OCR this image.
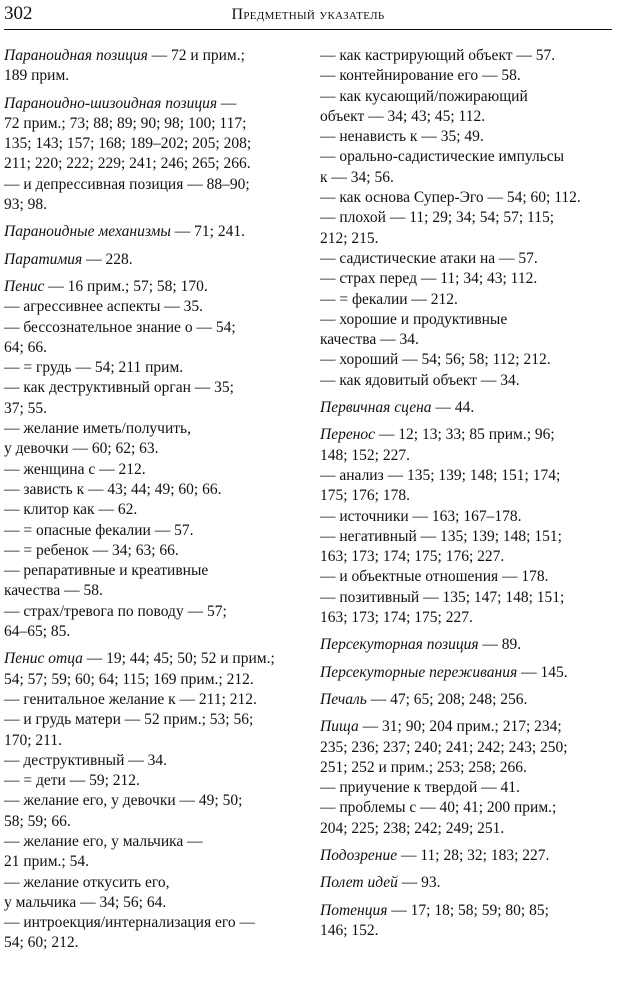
302	Предметный указатель
Параноидная позиция — 72 и прим.;
189 прим.
Параноидно-шизоидная позиция —
72 прим.; 73; 88; 89; 90; 98; 100; 117;
135; 143; 157; 168; 189–202; 205; 208;
211; 220; 222; 229; 241; 246; 265; 266.
— и депрессивная позиция — 88–90;
93; 98.
Параноидные механизмы — 71; 241.
Паратимия — 228.
Пенис — 16 прим.; 57; 58; 170.
— агрессивнее аспекты — 35.
— бессознательное знание о — 54;
64; 66.
— = грудь — 54; 211 прим.
— как деструктивный орган — 35;
37; 55.
— желание иметь/получить,
у девочки — 60; 62; 63.
— женщина с — 212.
— зависть к — 43; 44; 49; 60; 66.
— клитор как — 62.
— = опасные фекалии — 57.
— = ребенок — 34; 63; 66.
— репаративные и креативные
качества — 58.
— страх/тревога по поводу — 57;
64–65; 85.
Пенис отца — 19; 44; 45; 50; 52 и прим.;
54; 57; 59; 60; 64; 115; 169 прим.; 212.
— генитальное желание к — 211; 212.
— и грудь матери — 52 прим.; 53; 56;
170; 211.
— деструктивный — 34.
— = дети — 59; 212.
— желание его, у девочки — 49; 50;
58; 59; 66.
— желание его, у мальчика —
21 прим.; 54.
— желание откусить его,
у мальчика — 34; 56; 64.
— интроекция/интернализация его —
54; 60; 212.
— как кастрирующий объект — 57.
— контейнирование его — 58.
— как кусающий/пожирающий
объект — 34; 43; 45; 112.
— ненависть к — 35; 49.
— орально-садистические импульсы
к — 34; 56.
— как основа Супер-Эго — 54; 60; 112.
— плохой — 11; 29; 34; 54; 57; 115;
212; 215.
— садистические атаки на — 57.
— страх перед — 11; 34; 43; 112.
— = фекалии — 212.
— хорошие и продуктивные
качества — 34.
— хороший — 54; 56; 58; 112; 212.
— как ядовитый объект — 34.
Первичная сцена — 44.
Перенос — 12; 13; 33; 85 прим.; 96;
148; 152; 227.
— анализ — 135; 139; 148; 151; 174;
175; 176; 178.
— источники — 163; 167–178.
— негативный — 135; 139; 148; 151;
163; 173; 174; 175; 176; 227.
— и объектные отношения — 178.
— позитивный — 135; 147; 148; 151;
163; 173; 174; 175; 227.
Персекуторная позиция — 89.
Персекуторные переживания — 145.
Печаль — 47; 65; 208; 248; 256.
Пища — 31; 90; 204 прим.; 217; 234;
235; 236; 237; 240; 241; 242; 243; 250;
251; 252 и прим.; 253; 258; 266.
— приучение к твердой — 41.
— проблемы с — 40; 41; 200 прим.;
204; 225; 238; 242; 249; 251.
Подозрение — 11; 28; 32; 183; 227.
Полет идей — 93.
Потенция — 17; 18; 58; 59; 80; 85;
146; 152.
